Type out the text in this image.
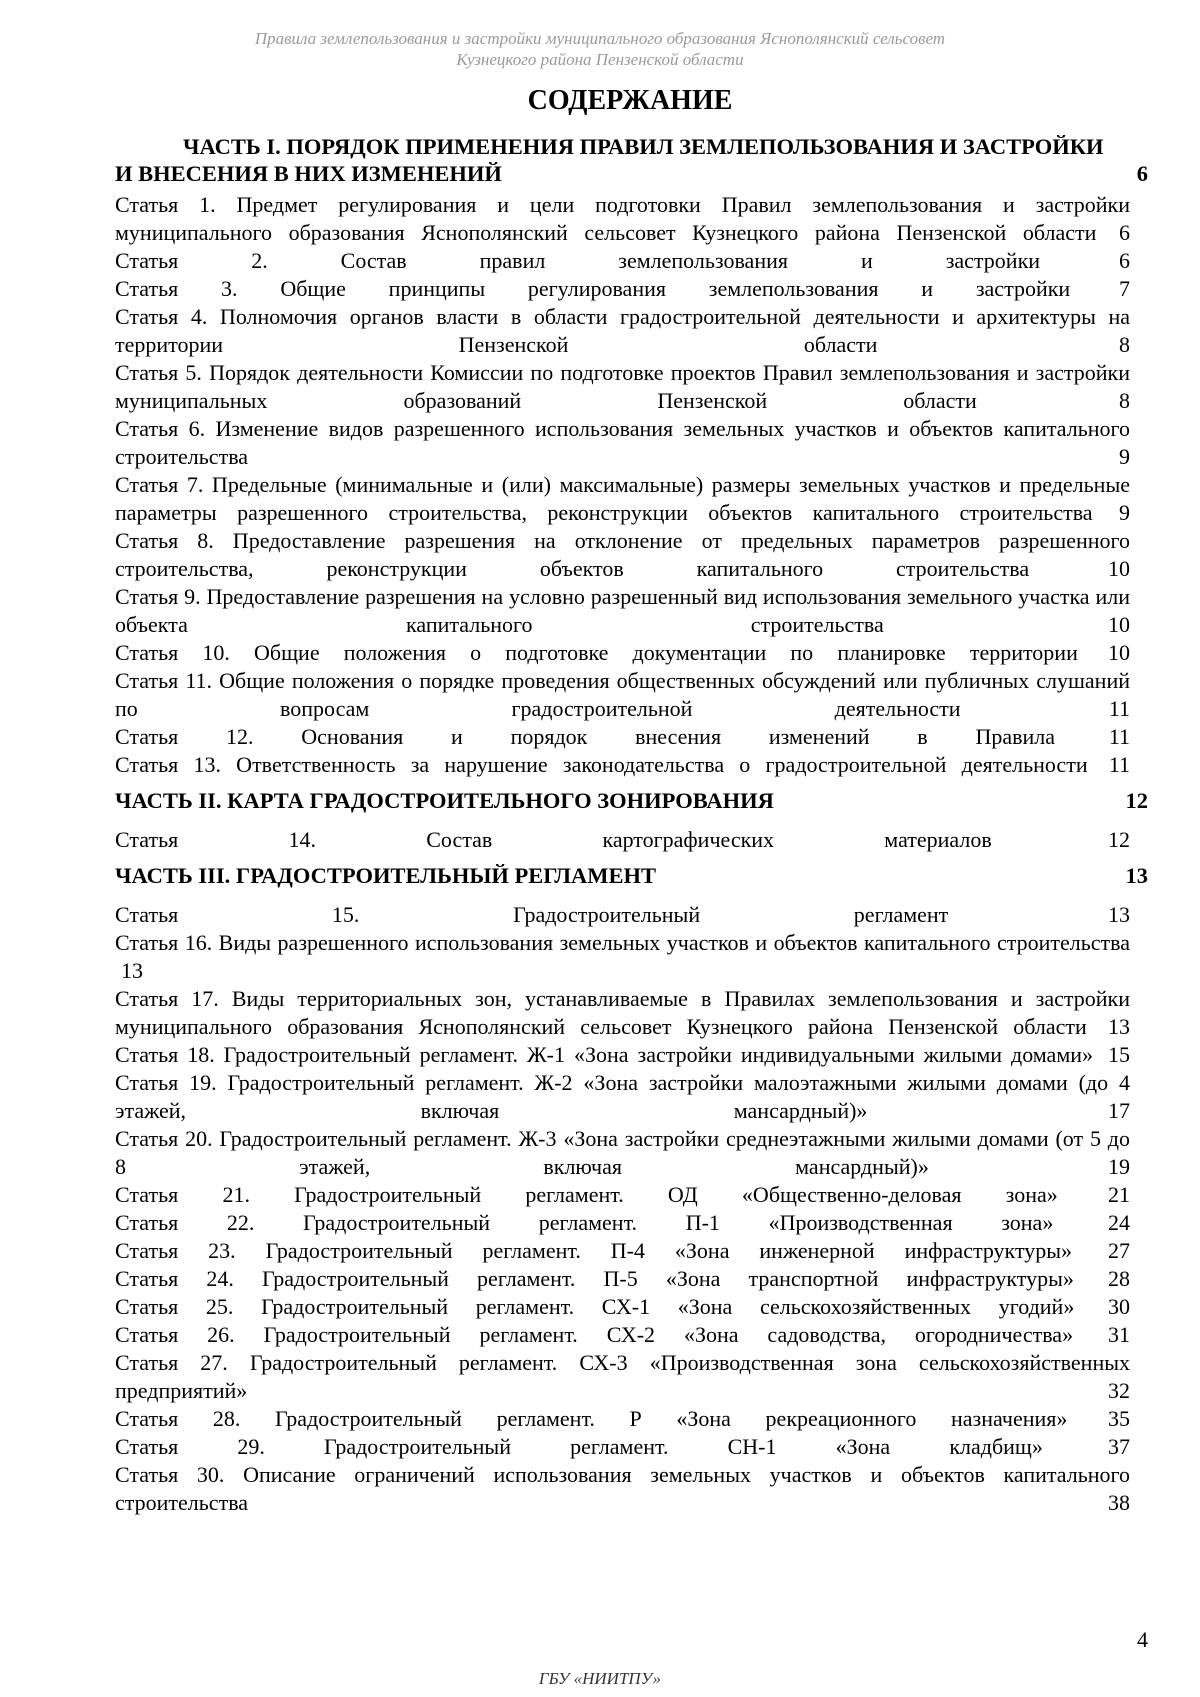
Правила землепользования и застройки муниципального образования Яснополянский сельсовет
Кузнецкого района Пензенской области
СОДЕРЖАНИЕ
ЧАСТЬ I. ПОРЯДОК ПРИМЕНЕНИЯ ПРАВИЛ ЗЕМЛЕПОЛЬЗОВАНИЯ И ЗАСТРОЙКИ И ВНЕСЕНИЯ В НИХ ИЗМЕНЕНИЙ	6
Статья 1. Предмет регулирования и цели подготовки Правил землепользования и застройки муниципального образования Яснополянский сельсовет Кузнецкого района Пензенской области 6
Статья 2. Состав правил землепользования и застройки	6
Статья 3. Общие принципы регулирования землепользования и застройки 7
Статья 4. Полномочия органов власти в области градостроительной деятельности и архитектуры на территории Пензенской области	8
Статья 5. Порядок деятельности Комиссии по подготовке проектов Правил землепользования и застройки муниципальных образований Пензенской области	8
Статья 6. Изменение видов разрешенного использования земельных участков и объектов капитального строительства	9
Статья 7. Предельные (минимальные и (или) максимальные) размеры земельных участков и предельные параметры разрешенного строительства, реконструкции объектов капитального строительства 9
Статья 8. Предоставление разрешения на отклонение от предельных параметров разрешенного строительства, реконструкции объектов капитального строительства	10
Статья 9. Предоставление разрешения на условно разрешенный вид использования земельного участка или объекта капитального строительства	10
Статья 10. Общие положения о подготовке документации по планировке территории 10
Статья 11. Общие положения о порядке проведения общественных обсуждений или публичных слушаний по вопросам градостроительной деятельности	11
Статья 12. Основания и порядок внесения изменений в Правила 11
Статья 13. Ответственность за нарушение законодательства о градостроительной деятельности 11
ЧАСТЬ II. КАРТА ГРАДОСТРОИТЕЛЬНОГО ЗОНИРОВАНИЯ	12
Статья 14. Состав картографических материалов	12
ЧАСТЬ III. ГРАДОСТРОИТЕЛЬНЫЙ РЕГЛАМЕНТ	13
Статья 15. Градостроительный регламент	13
Статья 16. Виды разрешенного использования земельных участков и объектов капитального строительства 13
Статья 17. Виды территориальных зон, устанавливаемые в Правилах землепользования и застройки муниципального образования Яснополянский сельсовет Кузнецкого района Пензенской области 13
Статья 18. Градостроительный регламент. Ж-1 «Зона застройки индивидуальными жилыми домами» 15
Статья 19. Градостроительный регламент. Ж-2 «Зона застройки малоэтажными жилыми домами (до 4 этажей, включая мансардный)»	17
Статья 20. Градостроительный регламент. Ж-3 «Зона застройки среднеэтажными жилыми домами (от 5 до 8 этажей, включая мансардный)»	19
Статья 21. Градостроительный регламент. ОД «Общественно-деловая зона» 21
Статья 22. Градостроительный регламент. П-1 «Производственная зона» 24
Статья 23. Градостроительный регламент. П-4 «Зона инженерной инфраструктуры» 27
Статья 24. Градостроительный регламент. П-5 «Зона транспортной инфраструктуры» 28
Статья 25. Градостроительный регламент. СХ-1 «Зона сельскохозяйственных угодий» 30
Статья 26. Градостроительный регламент. СХ-2 «Зона садоводства, огородничества» 31
Статья 27. Градостроительный регламент. СХ-3 «Производственная зона сельскохозяйственных предприятий»	32
Статья 28. Градостроительный регламент. Р «Зона рекреационного назначения» 35
Статья 29. Градостроительный регламент. СН-1 «Зона кладбищ»	37
Статья 30. Описание ограничений использования земельных участков и объектов капитального строительства	38
4
ГБУ «НИИТПУ»
